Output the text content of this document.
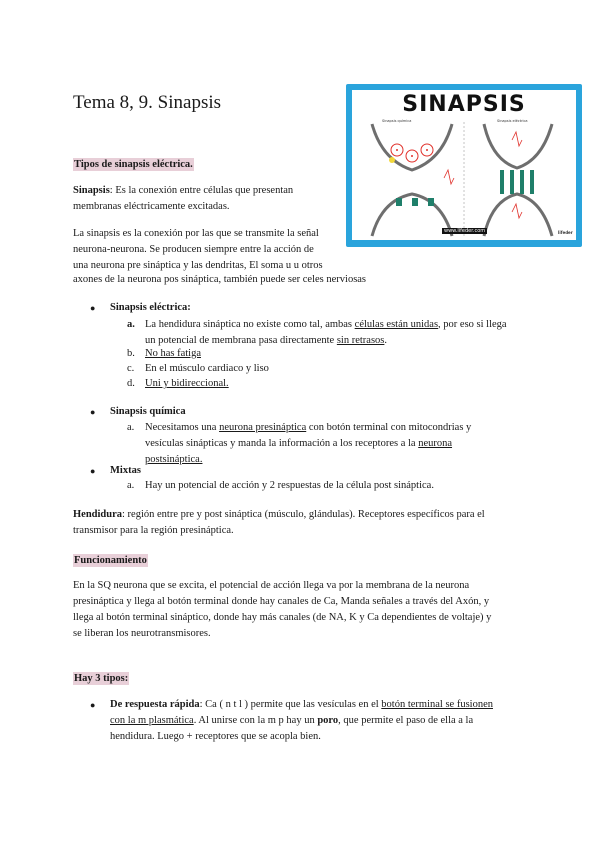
Tema 8, 9. Sinapsis	SINAPSIS
Sinapsis química	Sinapsis eléctrica
www.lifeder.com	lifeder
Tipos de sinapsis eléctrica.
Sinapsis: Es la conexión entre células que presentan
membranas eléctricamente excitadas.
La sinapsis es la conexión por las que se transmite la señal
neurona-neurona. Se producen siempre entre la acción de
una neurona pre sináptica y las dendritas, El soma u u otros
axones de la neurona pos sináptica, también puede ser celes nerviosas
● Sinapsis eléctrica:
a. La hendidura sináptica no existe como tal, ambas células están unidas, por eso si llega
un potencial de membrana pasa directamente sin retrasos.
b. No has fatiga
c. En el músculo cardiaco y liso
d. Uni y bidireccional.
● Sinapsis química
a. Necesitamos una neurona presináptica con botón terminal con mitocondrias y
vesículas sinápticas y manda la información a los receptores a la neurona
postsináptica.
● Mixtas
a. Hay un potencial de acción y 2 respuestas de la célula post sináptica.
Hendidura: región entre pre y post sináptica (músculo, glándulas). Receptores específicos para el
transmisor para la región presináptica.
Funcionamiento
En la SQ neurona que se excita, el potencial de acción llega va por la membrana de la neurona
presináptica y llega al botón terminal donde hay canales de Ca, Manda señales a través del Axón, y
llega al botón terminal sináptico, donde hay más canales (de NA, K y Ca dependientes de voltaje) y
se liberan los neurotransmisores.
Hay 3 tipos:
● De respuesta rápida: Ca ( n t l ) permite que las vesículas en el botón terminal se fusionen
con la m plasmática. Al unirse con la m p hay un poro, que permite el paso de ella a la
hendidura. Luego + receptores que se acopla bien.
